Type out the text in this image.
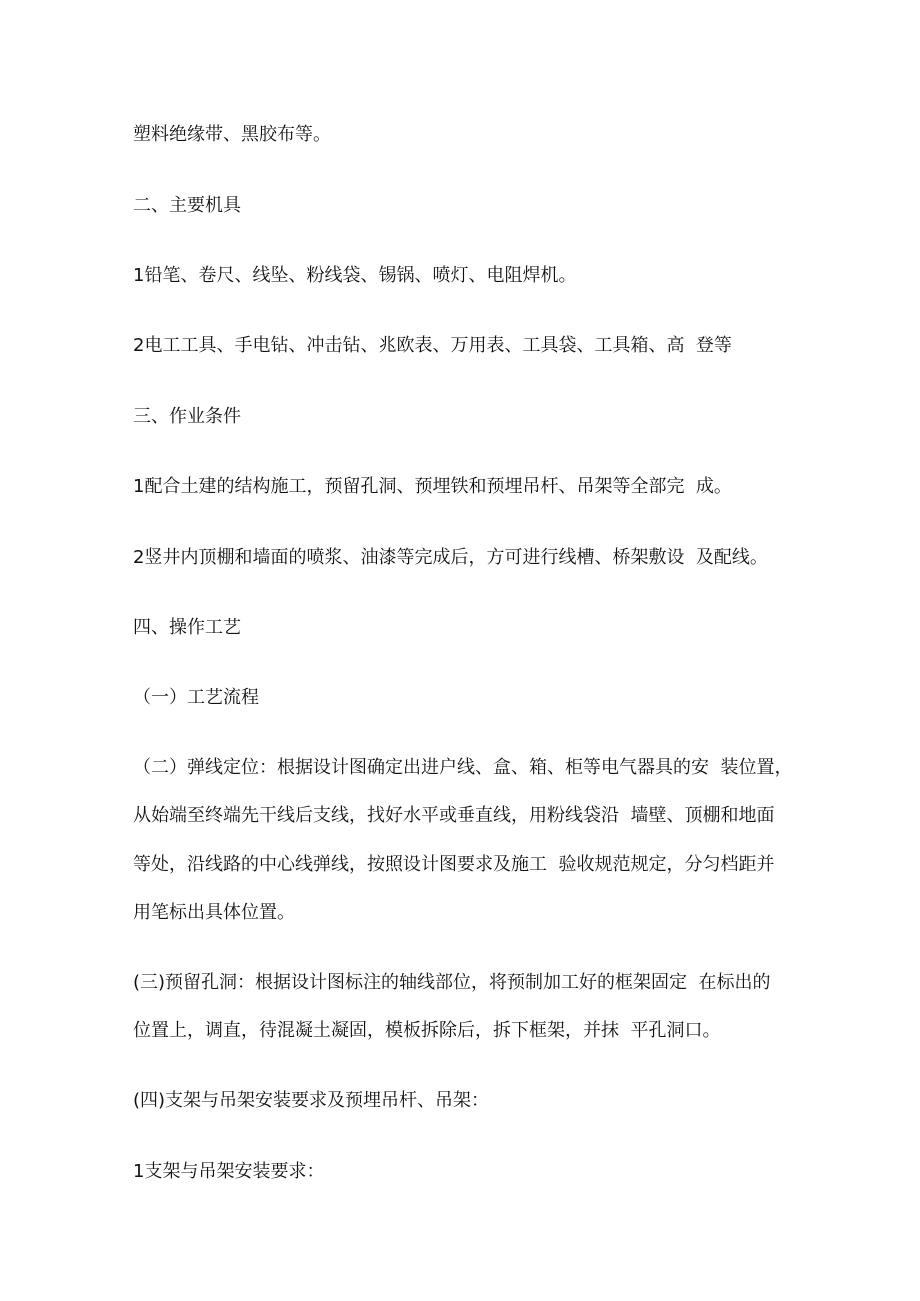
塑料绝缘带、黑胶布等。

二、主要机具

1铅笔、卷尺、线坠、粉线袋、锡锅、喷灯、电阻焊机。

2电工工具、手电钻、冲击钻、兆欧表、万用表、工具袋、工具箱、高  登等

三、作业条件

1配合土建的结构施工，预留孔洞、预埋铁和预埋吊杆、吊架等全部完  成。

2竖井内顶棚和墙面的喷浆、油漆等完成后，方可进行线槽、桥架敷设  及配线。

四、操作工艺

（一）工艺流程

（二）弹线定位：根据设计图确定出进户线、盒、箱、柜等电气器具的安  装位置，

从始端至终端先干线后支线，找好水平或垂直线，用粉线袋沿  墙壁、顶棚和地面

等处，沿线路的中心线弹线，按照设计图要求及施工  验收规范规定，分匀档距并

用笔标出具体位置。

(三)预留孔洞：根据设计图标注的轴线部位，将预制加工好的框架固定  在标出的

位置上，调直，待混凝土凝固，模板拆除后，拆下框架，并抹  平孔洞口。

(四)支架与吊架安装要求及预埋吊杆、吊架：

1支架与吊架安装要求：
